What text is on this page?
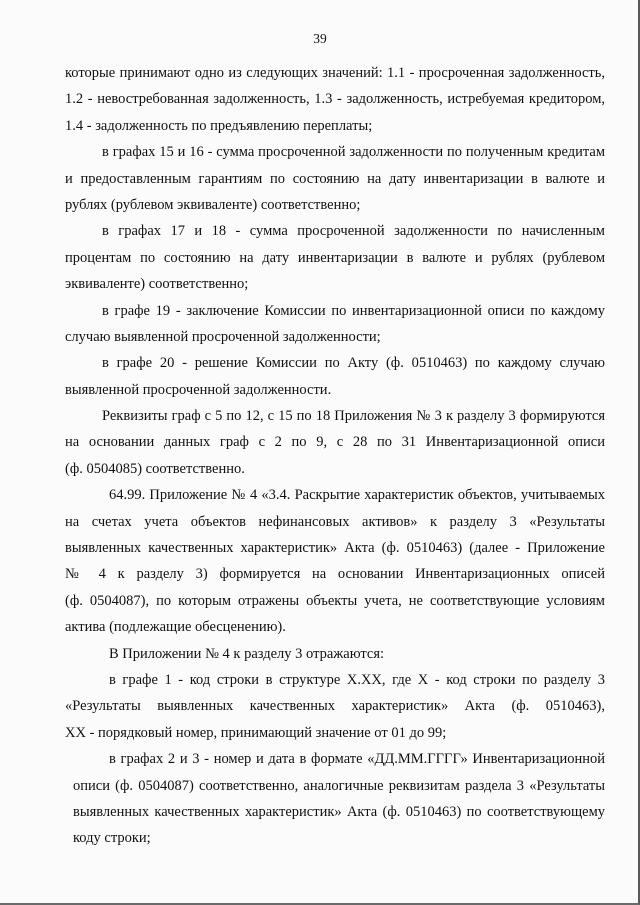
39
которые принимают одно из следующих значений: 1.1 - просроченная задолженность,
1.2 - невостребованная задолженность, 1.3 - задолженность, истребуемая кредитором,
1.4 - задолженность по предъявлению переплаты;
в графах 15 и 16 - сумма просроченной задолженности по полученным кредитам
и предоставленным гарантиям по состоянию на дату инвентаризации в валюте и
рублях (рублевом эквиваленте) соответственно;
в графах 17 и 18 - сумма просроченной задолженности по начисленным
процентам по состоянию на дату инвентаризации в валюте и рублях (рублевом
эквиваленте) соответственно;
в графе 19 - заключение Комиссии по инвентаризационной описи по каждому
случаю выявленной просроченной задолженности;
в графе 20 - решение Комиссии по Акту (ф. 0510463) по каждому случаю
выявленной просроченной задолженности.
Реквизиты граф с 5 по 12, с 15 по 18 Приложения № 3 к разделу 3 формируются
на основании данных граф с 2 по 9, с 28 по 31 Инвентаризационной описи
(ф. 0504085) соответственно.
64.99. Приложение № 4 «3.4. Раскрытие характеристик объектов, учитываемых
на счетах учета объектов нефинансовых активов» к разделу 3 «Результаты
выявленных качественных характеристик» Акта (ф. 0510463) (далее - Приложение
№ 4 к разделу 3) формируется на основании Инвентаризационных описей
(ф. 0504087), по которым отражены объекты учета, не соответствующие условиям
актива (подлежащие обесценению).
В Приложении № 4 к разделу 3 отражаются:
в графе 1 - код строки в структуре X.XX, где X - код строки по разделу 3
«Результаты выявленных качественных характеристик» Акта (ф. 0510463),
XX - порядковый номер, принимающий значение от 01 до 99;
в графах 2 и 3 - номер и дата в формате «ДД.ММ.ГГГГ» Инвентаризационной
описи (ф. 0504087) соответственно, аналогичные реквизитам раздела 3 «Результаты
выявленных качественных характеристик» Акта (ф. 0510463) по соответствующему
коду строки;
